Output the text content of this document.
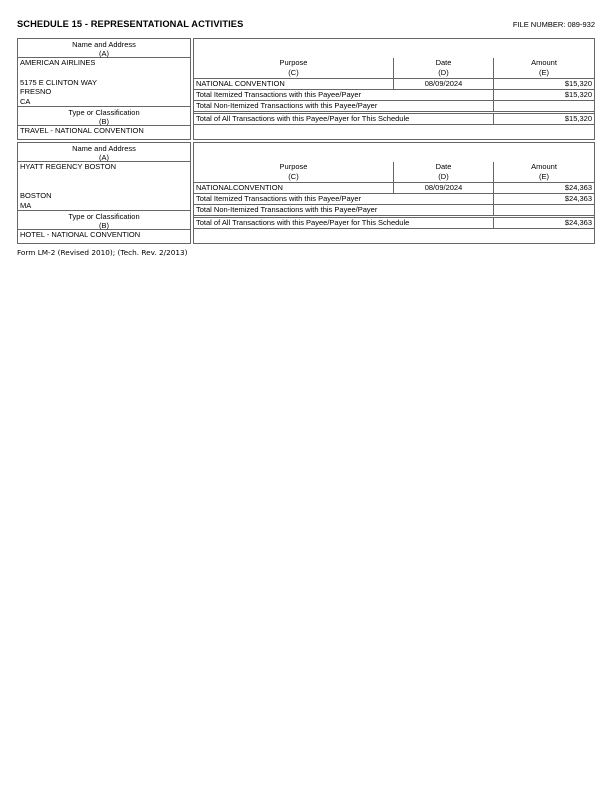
SCHEDULE 15 - REPRESENTATIONAL ACTIVITIES	FILE NUMBER: 089-932
Name and Address
(A)
AMERICAN AIRLINES
5175 E CLINTON WAY
FRESNO
CA
Type or Classification
(B)
TRAVEL - NATIONAL CONVENTION
Purpose
(C)
Date
(D)
Amount
(E)
NATIONAL CONVENTION	08/09/2024	$15,320
Total Itemized Transactions with this Payee/Payer	$15,320
Total Non-Itemized Transactions with this Payee/Payer
Total of All Transactions with this Payee/Payer for This Schedule	$15,320
Name and Address
(A)
HYATT REGENCY BOSTON
BOSTON
MA
Type or Classification
(B)
HOTEL - NATIONAL CONVENTION
Purpose
(C)
Date
(D)
Amount
(E)
NATIONALCONVENTION	08/09/2024	$24,363
Total Itemized Transactions with this Payee/Payer	$24,363
Total Non-Itemized Transactions with this Payee/Payer
Total of All Transactions with this Payee/Payer for This Schedule	$24,363
Form LM-2 (Revised 2010); (Tech. Rev. 2/2013)
